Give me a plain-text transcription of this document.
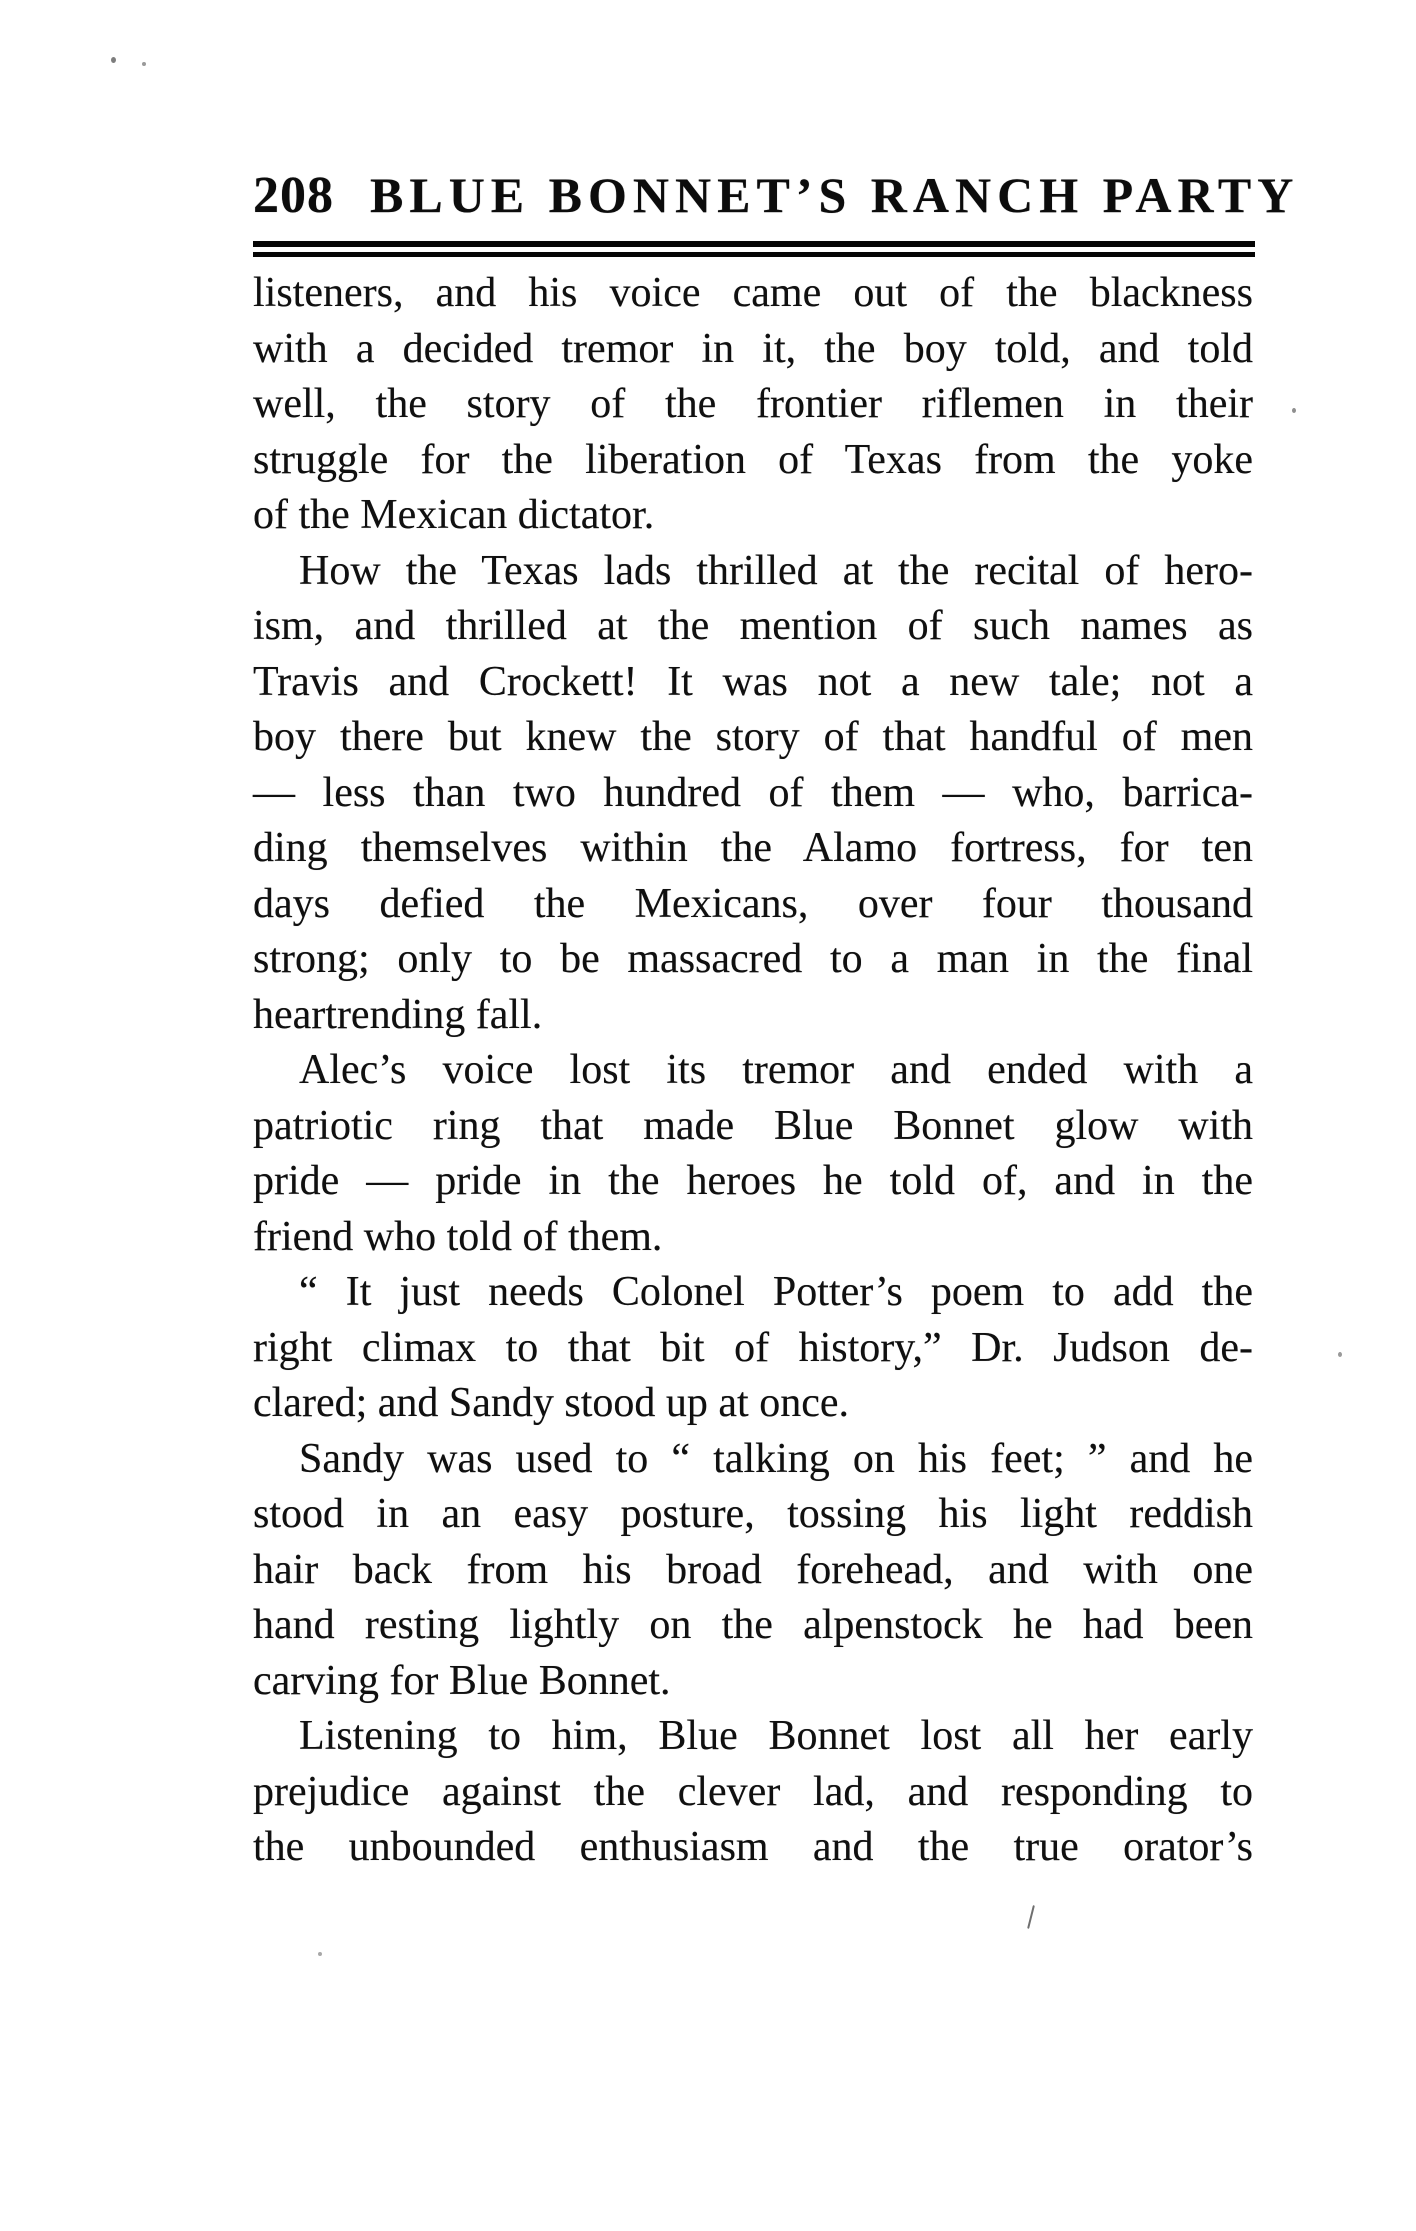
208 BLUE BONNET’S RANCH PARTY
listeners, and his voice came out of the blackness
with a decided tremor in it, the boy told, and told
well, the story of the frontier riflemen in their
struggle for the liberation of Texas from the yoke
of the Mexican dictator.
How the Texas lads thrilled at the recital of hero-
ism, and thrilled at the mention of such names as
Travis and Crockett! It was not a new tale; not a
boy there but knew the story of that handful of men
— less than two hundred of them — who, barrica-
ding themselves within the Alamo fortress, for ten
days defied the Mexicans, over four thousand
strong; only to be massacred to a man in the final
heartrending fall.
Alec’s voice lost its tremor and ended with a
patriotic ring that made Blue Bonnet glow with
pride — pride in the heroes he told of, and in the
friend who told of them.
“ It just needs Colonel Potter’s poem to add the
right climax to that bit of history,” Dr. Judson de-
clared; and Sandy stood up at once.
Sandy was used to “ talking on his feet; ” and he
stood in an easy posture, tossing his light reddish
hair back from his broad forehead, and with one
hand resting lightly on the alpenstock he had been
carving for Blue Bonnet.
Listening to him, Blue Bonnet lost all her early
prejudice against the clever lad, and responding to
the unbounded enthusiasm and the true orator’s
